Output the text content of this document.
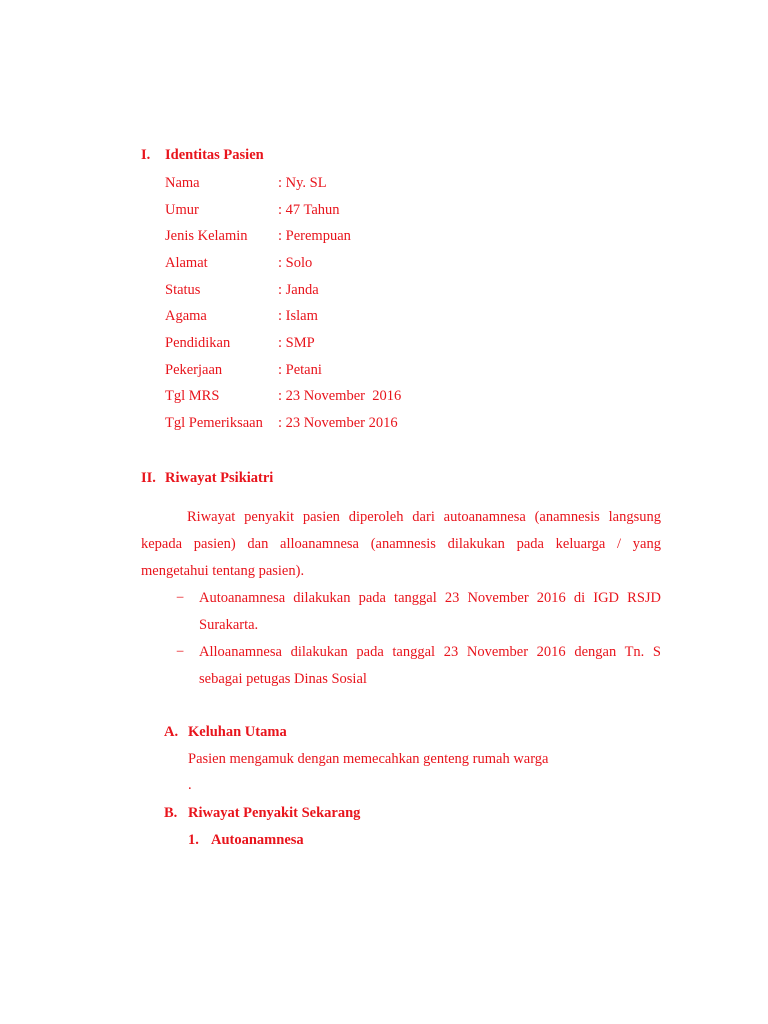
I. Identitas Pasien
Nama	: Ny. SL
Umur	: 47 Tahun
Jenis Kelamin : Perempuan
Alamat	: Solo
Status	: Janda
Agama	: Islam
Pendidikan	: SMP
Pekerjaan	: Petani
Tgl MRS	: 23 November  2016
Tgl Pemeriksaan : 23 November 2016
II. Riwayat Psikiatri
Riwayat penyakit pasien diperoleh dari autoanamnesa (anamnesis langsung
kepada pasien) dan alloanamnesa (anamnesis dilakukan pada keluarga / yang
mengetahui tentang pasien).
− Autoanamnesa dilakukan pada tanggal 23 November 2016 di IGD RSJD
Surakarta.
− Alloanamnesa dilakukan pada tanggal 23 November 2016 dengan Tn. S
sebagai petugas Dinas Sosial
A. Keluhan Utama
Pasien mengamuk dengan memecahkan genteng rumah warga
.
B. Riwayat Penyakit Sekarang
1. Autoanamnesa
